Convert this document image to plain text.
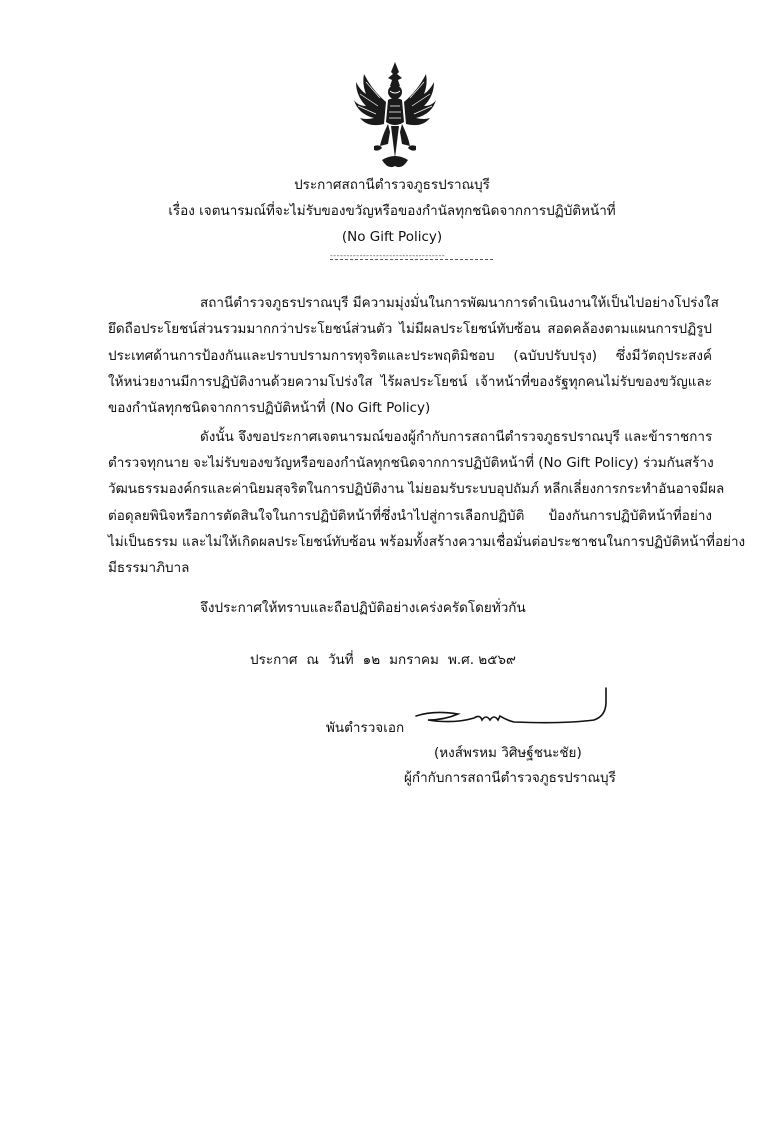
ประกาศสถานีตำรวจภูธรปราณบุรี
เรื่อง เจตนารมณ์ที่จะไม่รับของขวัญหรือของกำนัลทุกชนิดจากการปฏิบัติหน้าที่
(No Gift Policy)
-----------------------------------
สถานีตำรวจภูธรปราณบุรี มีความมุ่งมั่นในการพัฒนาการดำเนินงานให้เป็นไปอย่างโปร่งใส
ยึดถือประโยชน์ส่วนรวมมากกว่าประโยชน์ส่วนตัว ไม่มีผลประโยชน์ทับซ้อน สอดคล้องตามแผนการปฏิรูป
ประเทศด้านการป้องกันและปราบปรามการทุจริตและประพฤติมิชอบ (ฉบับปรับปรุง) ซึ่งมีวัตถุประสงค์
ให้หน่วยงานมีการปฏิบัติงานด้วยความโปร่งใส ไร้ผลประโยชน์ เจ้าหน้าที่ของรัฐทุกคนไม่รับของขวัญและ
ของกำนัลทุกชนิดจากการปฏิบัติหน้าที่ (No Gift Policy)
ดังนั้น จึงขอประกาศเจตนารมณ์ของผู้กำกับการสถานีตำรวจภูธรปราณบุรี และข้าราชการ
ตำรวจทุกนาย จะไม่รับของขวัญหรือของกำนัลทุกชนิดจากการปฏิบัติหน้าที่ (No Gift Policy) ร่วมกันสร้าง
วัฒนธรรมองค์กรและค่านิยมสุจริตในการปฏิบัติงาน ไม่ยอมรับระบบอุปถัมภ์ หลีกเลี่ยงการกระทำอันอาจมีผล
ต่อดุลยพินิจหรือการตัดสินใจในการปฏิบัติหน้าที่ซึ่งนำไปสู่การเลือกปฏิบัติ ป้องกันการปฏิบัติหน้าที่อย่าง
ไม่เป็นธรรม และไม่ให้เกิดผลประโยชน์ทับซ้อน พร้อมทั้งสร้างความเชื่อมั่นต่อประชาชนในการปฏิบัติหน้าที่อย่าง
มีธรรมาภิบาล
จึงประกาศให้ทราบและถือปฏิบัติอย่างเคร่งครัดโดยทั่วกัน
ประกาศ ณ วันที่ ๑๒ มกราคม พ.ศ. ๒๕๖๙
พันตำรวจเอก
(หงส์พรหม วิศิษฐ์ชนะชัย)
ผู้กำกับการสถานีตำรวจภูธรปราณบุรี
